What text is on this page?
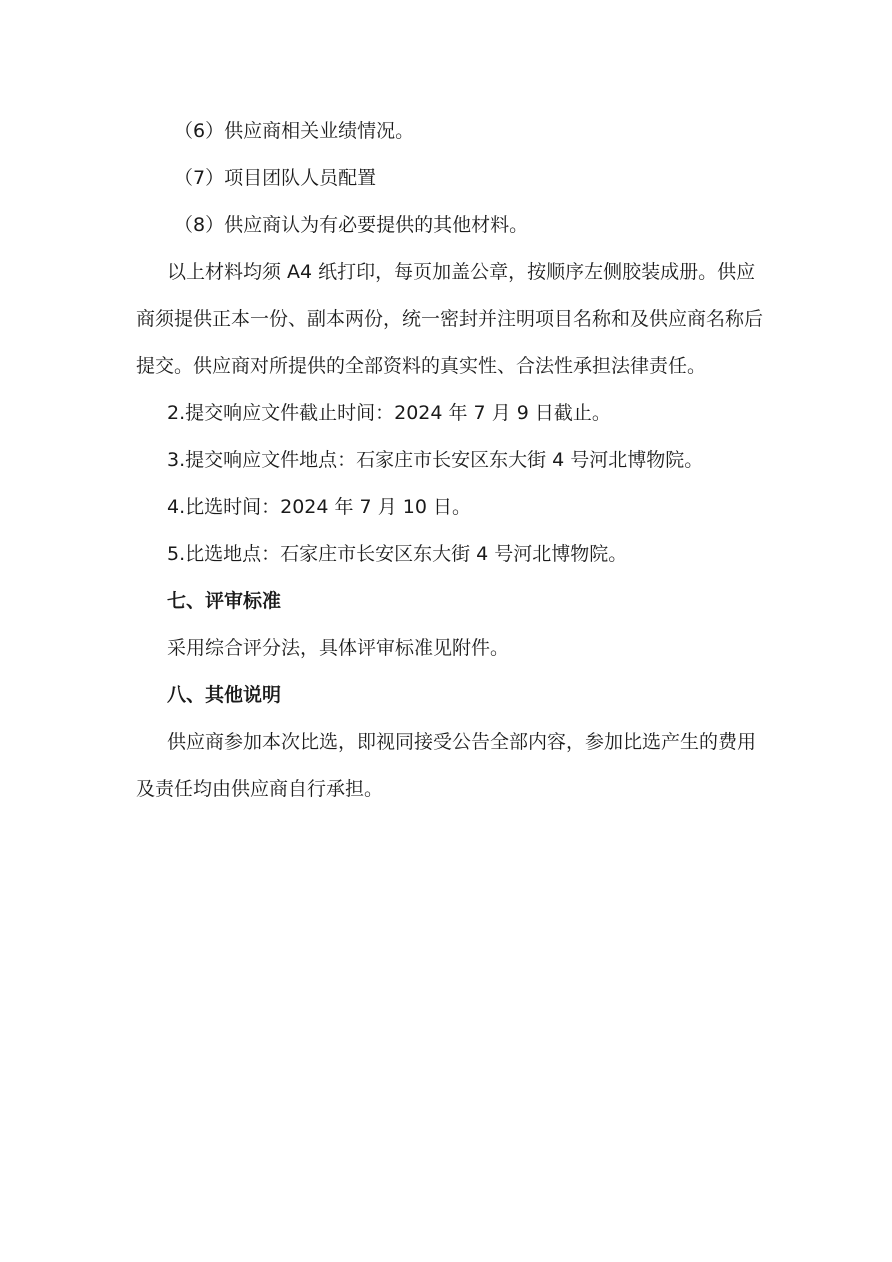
（6）供应商相关业绩情况。

（7）项目团队人员配置

（8）供应商认为有必要提供的其他材料。

以上材料均须 A4 纸打印，每页加盖公章，按顺序左侧胶装成册。供应商须提供正本一份、副本两份，统一密封并注明项目名称和及供应商名称后提交。供应商对所提供的全部资料的真实性、合法性承担法律责任。

2.提交响应文件截止时间：2024 年 7 月 9 日截止。

3.提交响应文件地点：石家庄市长安区东大街 4 号河北博物院。

4.比选时间：2024 年 7 月 10 日。

5.比选地点：石家庄市长安区东大街 4 号河北博物院。

七、评审标准

采用综合评分法，具体评审标准见附件。

八、其他说明

供应商参加本次比选，即视同接受公告全部内容，参加比选产生的费用及责任均由供应商自行承担。
